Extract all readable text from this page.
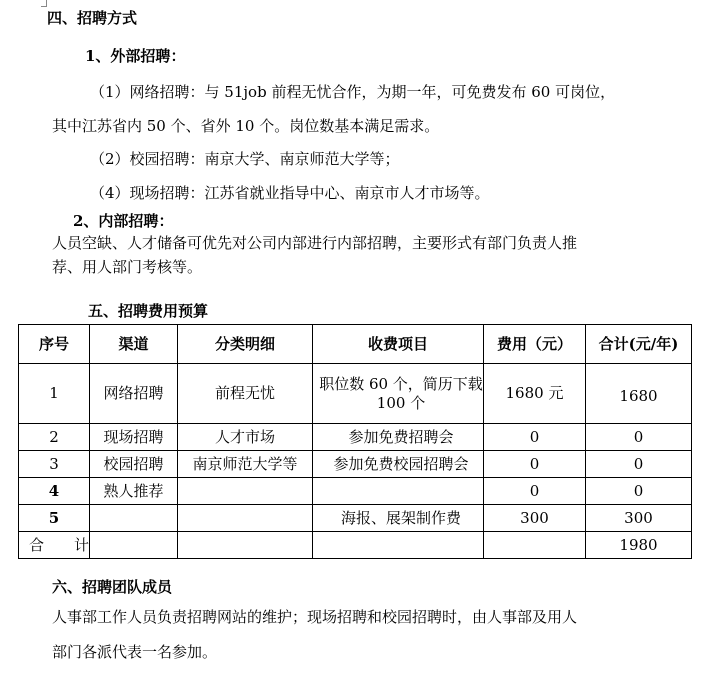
四、招聘方式
1、外部招聘：
（1）网络招聘：与 51job 前程无忧合作，为期一年，可免费发布 60 可岗位，
其中江苏省内 50 个、省外 10 个。岗位数基本满足需求。
（2）校园招聘：南京大学、南京师范大学等；
（4）现场招聘：江苏省就业指导中心、南京市人才市场等。
2、内部招聘：
人员空缺、人才储备可优先对公司内部进行内部招聘，主要形式有部门负责人推
荐、用人部门考核等。
五、招聘费用预算
序号	渠道	分类明细	收费项目	费用（元）	合计(元/年)
1	网络招聘	前程无忧	职位数 60 个，简历下载 100 个	1680 元	1680
2	现场招聘	人才市场	参加免费招聘会	0	0
3	校园招聘	南京师范大学等	参加免费校园招聘会	0	0
4	熟人推荐			0	0
5			海报、展架制作费	300	300
合　　计					1980
六、招聘团队成员
人事部工作人员负责招聘网站的维护；现场招聘和校园招聘时，由人事部及用人
部门各派代表一名参加。
